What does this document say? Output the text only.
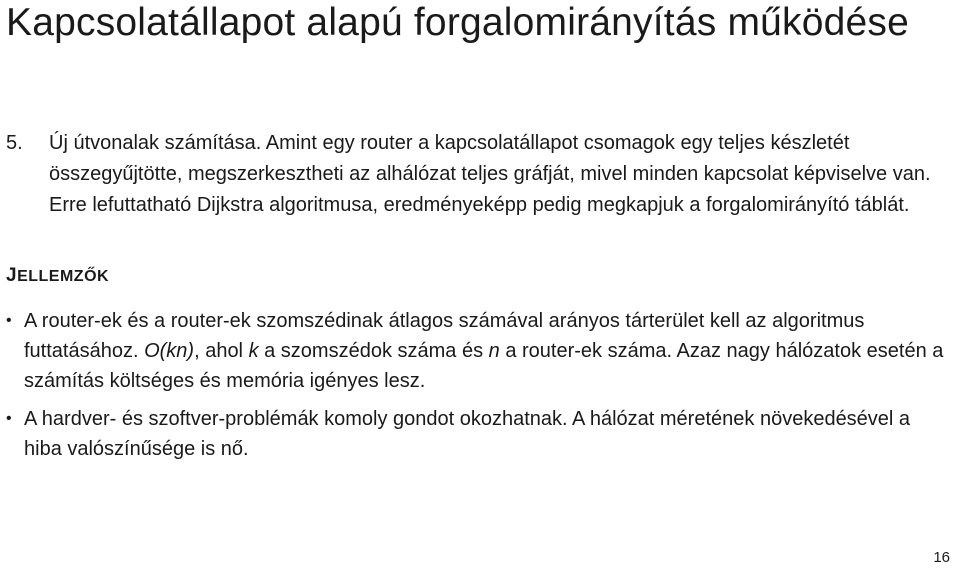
Kapcsolatállapot alapú forgalomirányítás működése
5.	Új útvonalak számítása. Amint egy router a kapcsolatállapot csomagok egy teljes készletét összegyűjtötte, megszerkesztheti az alhálózat teljes gráfját, mivel minden kapcsolat képviselve van. Erre lefuttatható Dijkstra algoritmusa, eredményeképp pedig megkapjuk a forgalomirányító táblát.
JELLEMZŐK
• A router-ek és a router-ek szomszédinak átlagos számával arányos tárterület kell az algoritmus futtatásához. O(kn), ahol k a szomszédok száma és n a router-ek száma. Azaz nagy hálózatok esetén a számítás költséges és memória igényes lesz.
• A hardver- és szoftver-problémák komoly gondot okozhatnak. A hálózat méretének növekedésével a hiba valószínűsége is nő.
16
